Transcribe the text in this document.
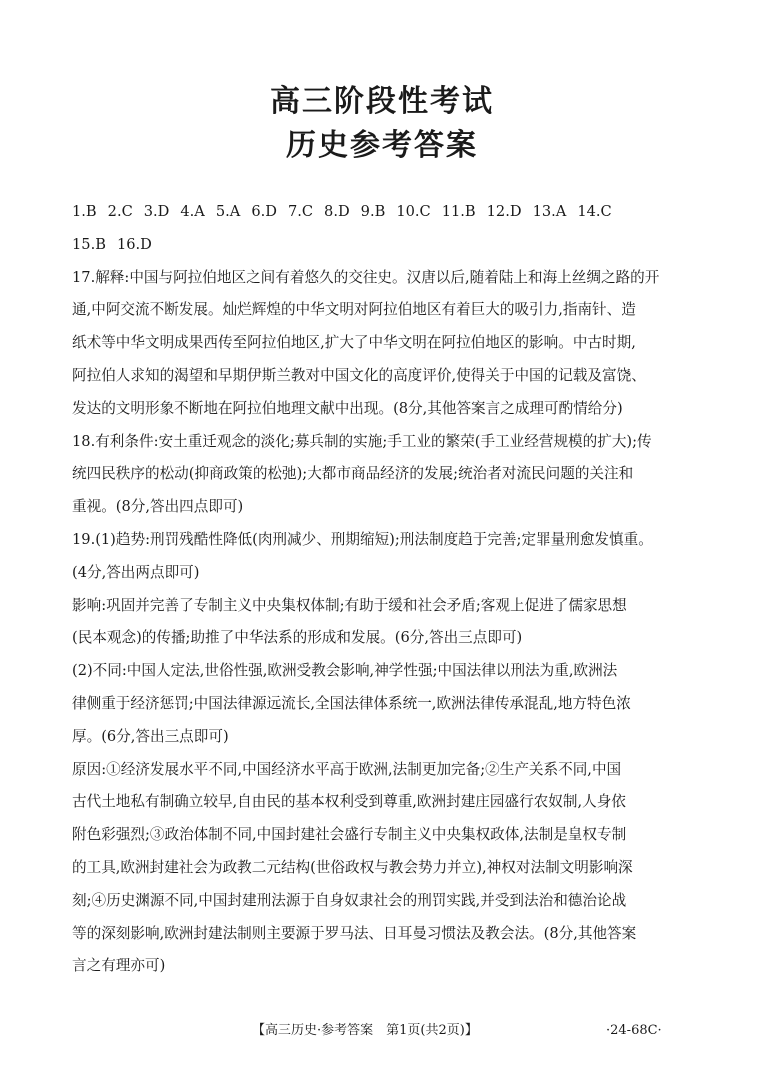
高三阶段性考试
历史参考答案
1.B 2.C 3.D 4.A 5.A 6.D 7.C 8.D 9.B 10.C 11.B 12.D 13.A 14.C
15.B 16.D
17.解释:中国与阿拉伯地区之间有着悠久的交往史。汉唐以后,随着陆上和海上丝绸之路的开
通,中阿交流不断发展。灿烂辉煌的中华文明对阿拉伯地区有着巨大的吸引力,指南针、造
纸术等中华文明成果西传至阿拉伯地区,扩大了中华文明在阿拉伯地区的影响。中古时期,
阿拉伯人求知的渴望和早期伊斯兰教对中国文化的高度评价,使得关于中国的记载及富饶、
发达的文明形象不断地在阿拉伯地理文献中出现。(8分,其他答案言之成理可酌情给分)
18.有利条件:安土重迁观念的淡化;募兵制的实施;手工业的繁荣(手工业经营规模的扩大);传
统四民秩序的松动(抑商政策的松弛);大都市商品经济的发展;统治者对流民问题的关注和
重视。(8分,答出四点即可)
19.(1)趋势:刑罚残酷性降低(肉刑减少、刑期缩短);刑法制度趋于完善;定罪量刑愈发慎重。
(4分,答出两点即可)
影响:巩固并完善了专制主义中央集权体制;有助于缓和社会矛盾;客观上促进了儒家思想
(民本观念)的传播;助推了中华法系的形成和发展。(6分,答出三点即可)
(2)不同:中国人定法,世俗性强,欧洲受教会影响,神学性强;中国法律以刑法为重,欧洲法
律侧重于经济惩罚;中国法律源远流长,全国法律体系统一,欧洲法律传承混乱,地方特色浓
厚。(6分,答出三点即可)
原因:①经济发展水平不同,中国经济水平高于欧洲,法制更加完备;②生产关系不同,中国
古代土地私有制确立较早,自由民的基本权利受到尊重,欧洲封建庄园盛行农奴制,人身依
附色彩强烈;③政治体制不同,中国封建社会盛行专制主义中央集权政体,法制是皇权专制
的工具,欧洲封建社会为政教二元结构(世俗政权与教会势力并立),神权对法制文明影响深
刻;④历史渊源不同,中国封建刑法源于自身奴隶社会的刑罚实践,并受到法治和德治论战
等的深刻影响,欧洲封建法制则主要源于罗马法、日耳曼习惯法及教会法。(8分,其他答案
言之有理亦可)
【高三历史·参考答案　第1页(共2页)】	·24-68C·
